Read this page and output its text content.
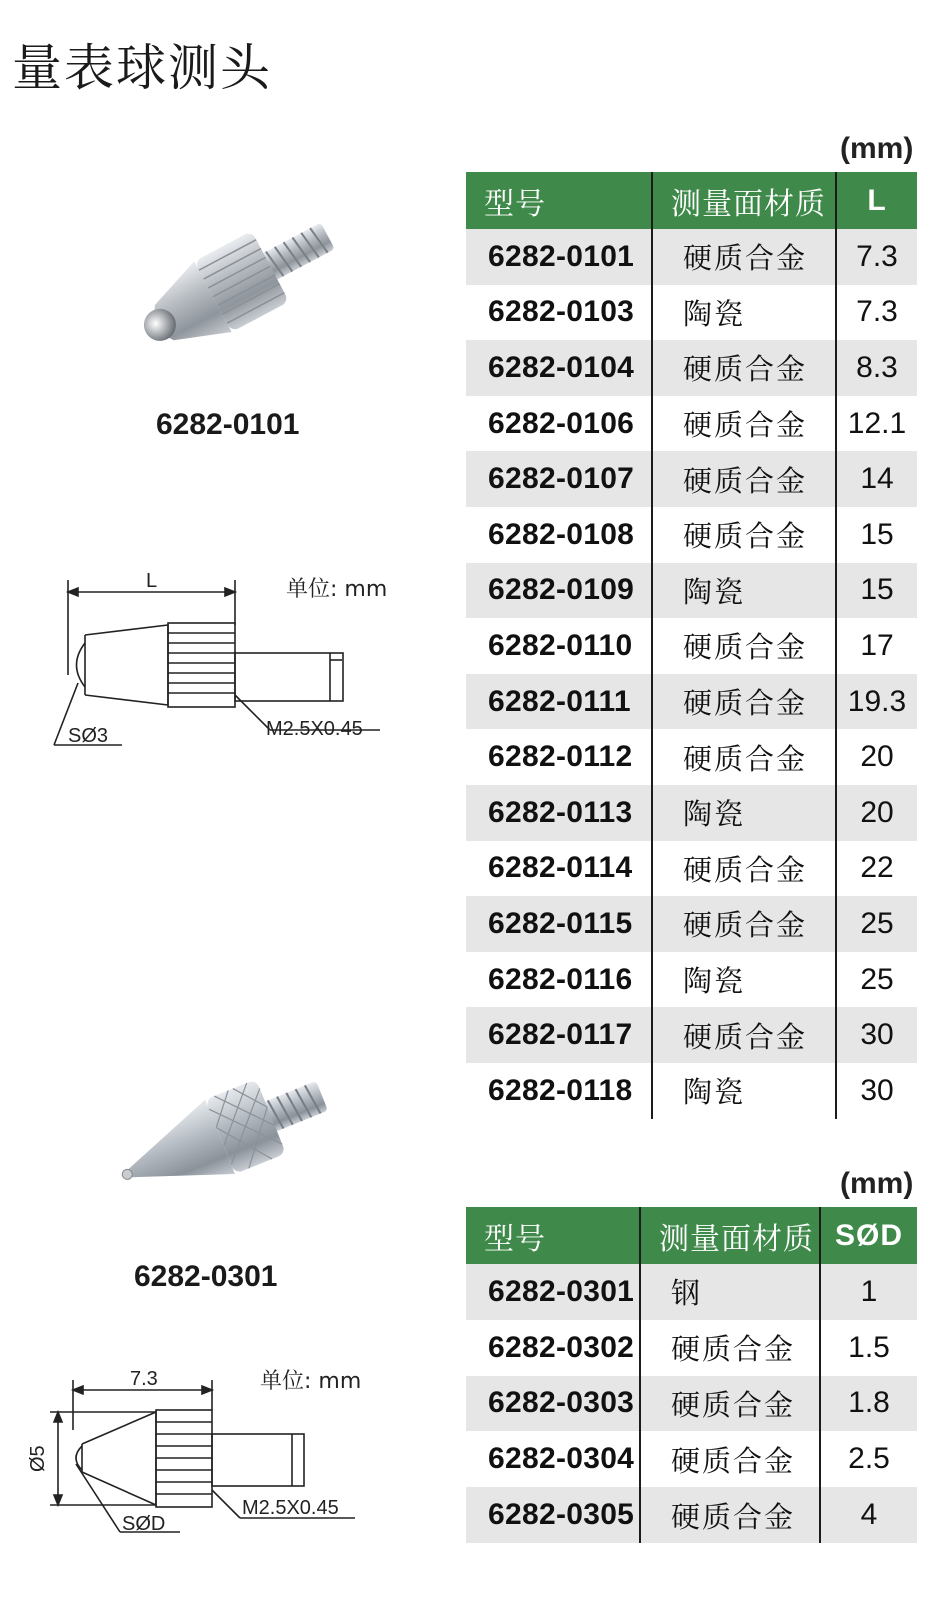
量表球测头
(mm)
型号	测量面材质	L
6282-0101	硬质合金	7.3
6282-0103	陶瓷	7.3
6282-0104	硬质合金	8.3
6282-0106	硬质合金	12.1
6282-0107	硬质合金	14
6282-0108	硬质合金	15
6282-0109	陶瓷	15
6282-0110	硬质合金	17
6282-0111	硬质合金	19.3
6282-0112	硬质合金	20
6282-0113	陶瓷	20
6282-0114	硬质合金	22
6282-0115	硬质合金	25
6282-0116	陶瓷	25
6282-0117	硬质合金	30
6282-0118	陶瓷	30
(mm)
型号	测量面材质	SØD
6282-0301	钢	1
6282-0302	硬质合金	1.5
6282-0303	硬质合金	1.8
6282-0304	硬质合金	2.5
6282-0305	硬质合金	4
6282-0101
单位: mm
L
SØ3	M2.5X0.45
6282-0301
单位: mm
7.3
Ø5
SØD
M2.5X0.45
